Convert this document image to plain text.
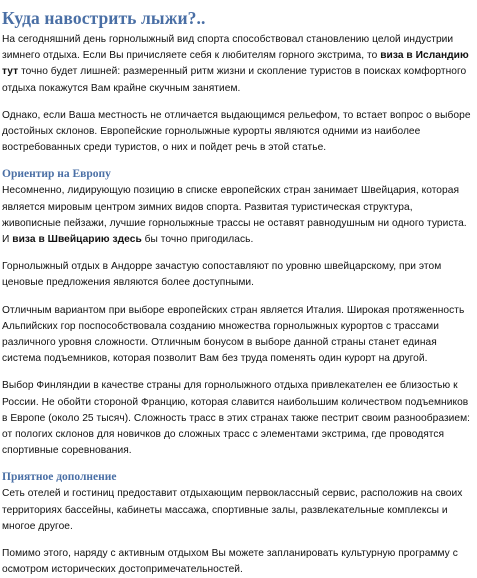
Куда навострить лыжи?..

На сегодняшний день горнолыжный вид спорта способствовал становлению целой индустрии зимнего отдыха. Если Вы причисляете себя к любителям горного экстрима, то виза в Исландию тут точно будет лишней: размеренный ритм жизни и скопление туристов в поисках комфортного отдыха покажутся Вам крайне скучным занятием.

Однако, если Ваша местность не отличается выдающимся рельефом, то встает вопрос о выборе достойных склонов. Европейские горнолыжные курорты являются одними из наиболее востребованных среди туристов, о них и пойдет речь в этой статье.

Ориентир на Европу

Несомненно, лидирующую позицию в списке европейских стран занимает Швейцария, которая является мировым центром зимних видов спорта. Развитая туристическая структура, живописные пейзажи, лучшие горнолыжные трассы не оставят равнодушным ни одного туриста. И виза в Швейцарию здесь бы точно пригодилась.

Горнолыжный отдых в Андорре зачастую сопоставляют по уровню швейцарскому, при этом ценовые предложения являются более доступными.

Отличным вариантом при выборе европейских стран является Италия. Широкая протяженность Альпийских гор поспособствовала созданию множества горнолыжных курортов с трассами различного уровня сложности. Отличным бонусом в выборе данной страны станет единая система подъемников, которая позволит Вам без труда поменять один курорт на другой.

Выбор Финляндии в качестве страны для горнолыжного отдыха привлекателен ее близостью к России. Не обойти стороной Францию, которая славится наибольшим количеством подъемников в Европе (около 25 тысяч). Сложность трасс в этих странах также пестрит своим разнообразием: от пологих склонов для новичков до сложных трасс с элементами экстрима, где проводятся спортивные соревнования.

Приятное дополнение

Сеть отелей и гостиниц предоставит отдыхающим первоклассный сервис, расположив на своих территориях бассейны, кабинеты массажа, спортивные залы, развлекательные комплексы и многое другое.

Помимо этого, наряду с активным отдыхом Вы можете запланировать культурную программу с осмотром исторических достопримечательностей.
